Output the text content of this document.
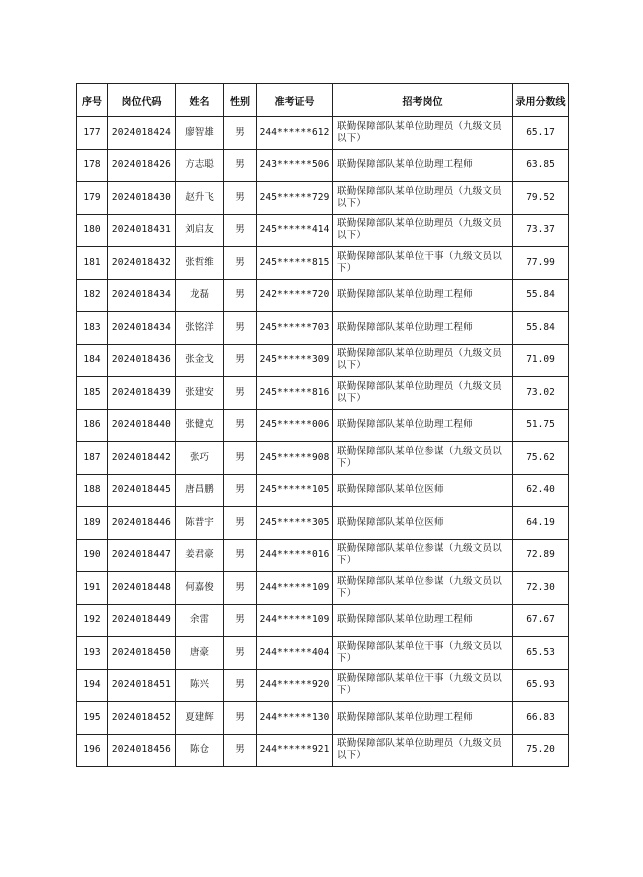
序号	岗位代码	姓名	性别	准考证号	招考岗位	录用分数线
177	2024018424	廖智雄	男	244******612	联勤保障部队某单位助理员（九级文员以下）	65.17
178	2024018426	方志聪	男	243******506	联勤保障部队某单位助理工程师	63.85
179	2024018430	赵升飞	男	245******729	联勤保障部队某单位助理员（九级文员以下）	79.52
180	2024018431	刘启友	男	245******414	联勤保障部队某单位助理员（九级文员以下）	73.37
181	2024018432	张哲维	男	245******815	联勤保障部队某单位干事（九级文员以下）	77.99
182	2024018434	龙磊	男	242******720	联勤保障部队某单位助理工程师	55.84
183	2024018434	张铭洋	男	245******703	联勤保障部队某单位助理工程师	55.84
184	2024018436	张金戈	男	245******309	联勤保障部队某单位助理员（九级文员以下）	71.09
185	2024018439	张建安	男	245******816	联勤保障部队某单位助理员（九级文员以下）	73.02
186	2024018440	张健克	男	245******006	联勤保障部队某单位助理工程师	51.75
187	2024018442	张巧	男	245******908	联勤保障部队某单位参谋（九级文员以下）	75.62
188	2024018445	唐昌鹏	男	245******105	联勤保障部队某单位医师	62.40
189	2024018446	陈普宇	男	245******305	联勤保障部队某单位医师	64.19
190	2024018447	姜君豪	男	244******016	联勤保障部队某单位参谋（九级文员以下）	72.89
191	2024018448	何嘉俊	男	244******109	联勤保障部队某单位参谋（九级文员以下）	72.30
192	2024018449	余雷	男	244******109	联勤保障部队某单位助理工程师	67.67
193	2024018450	唐豪	男	244******404	联勤保障部队某单位干事（九级文员以下）	65.53
194	2024018451	陈兴	男	244******920	联勤保障部队某单位干事（九级文员以下）	65.93
195	2024018452	夏建辉	男	244******130	联勤保障部队某单位助理工程师	66.83
196	2024018456	陈仓	男	244******921	联勤保障部队某单位助理员（九级文员以下）	75.20
